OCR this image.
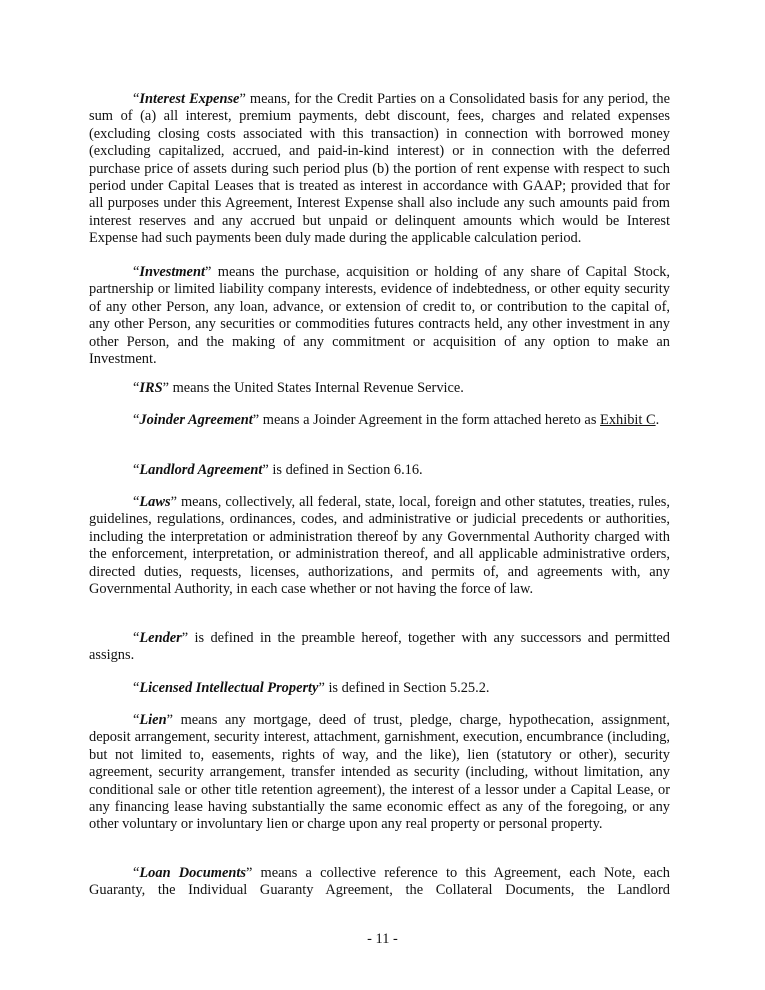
“Interest Expense” means, for the Credit Parties on a Consolidated basis for any period, the sum of (a) all interest, premium payments, debt discount, fees, charges and related expenses (excluding closing costs associated with this transaction) in connection with borrowed money (excluding capitalized, accrued, and paid-in-kind interest) or in connection with the deferred purchase price of assets during such period plus (b) the portion of rent expense with respect to such period under Capital Leases that is treated as interest in accordance with GAAP; provided that for all purposes under this Agreement, Interest Expense shall also include any such amounts paid from interest reserves and any accrued but unpaid or delinquent amounts which would be Interest Expense had such payments been duly made during the applicable calculation period.

“Investment” means the purchase, acquisition or holding of any share of Capital Stock, partnership or limited liability company interests, evidence of indebtedness, or other equity security of any other Person, any loan, advance, or extension of credit to, or contribution to the capital of, any other Person, any securities or commodities futures contracts held, any other investment in any other Person, and the making of any commitment or acquisition of any option to make an Investment.

“IRS” means the United States Internal Revenue Service.

“Joinder Agreement” means a Joinder Agreement in the form attached hereto as Exhibit C.

“Landlord Agreement” is defined in Section 6.16.

“Laws” means, collectively, all federal, state, local, foreign and other statutes, treaties, rules, guidelines, regulations, ordinances, codes, and administrative or judicial precedents or authorities, including the interpretation or administration thereof by any Governmental Authority charged with the enforcement, interpretation, or administration thereof, and all applicable administrative orders, directed duties, requests, licenses, authorizations, and permits of, and agreements with, any Governmental Authority, in each case whether or not having the force of law.

“Lender” is defined in the preamble hereof, together with any successors and permitted assigns.

“Licensed Intellectual Property” is defined in Section 5.25.2.

“Lien” means any mortgage, deed of trust, pledge, charge, hypothecation, assignment, deposit arrangement, security interest, attachment, garnishment, execution, encumbrance (including, but not limited to, easements, rights of way, and the like), lien (statutory or other), security agreement, security arrangement, transfer intended as security (including, without limitation, any conditional sale or other title retention agreement), the interest of a lessor under a Capital Lease, or any financing lease having substantially the same economic effect as any of the foregoing, or any other voluntary or involuntary lien or charge upon any real property or personal property.

“Loan Documents” means a collective reference to this Agreement, each Note, each Guaranty, the Individual Guaranty Agreement, the Collateral Documents, the Landlord

- 11 -
